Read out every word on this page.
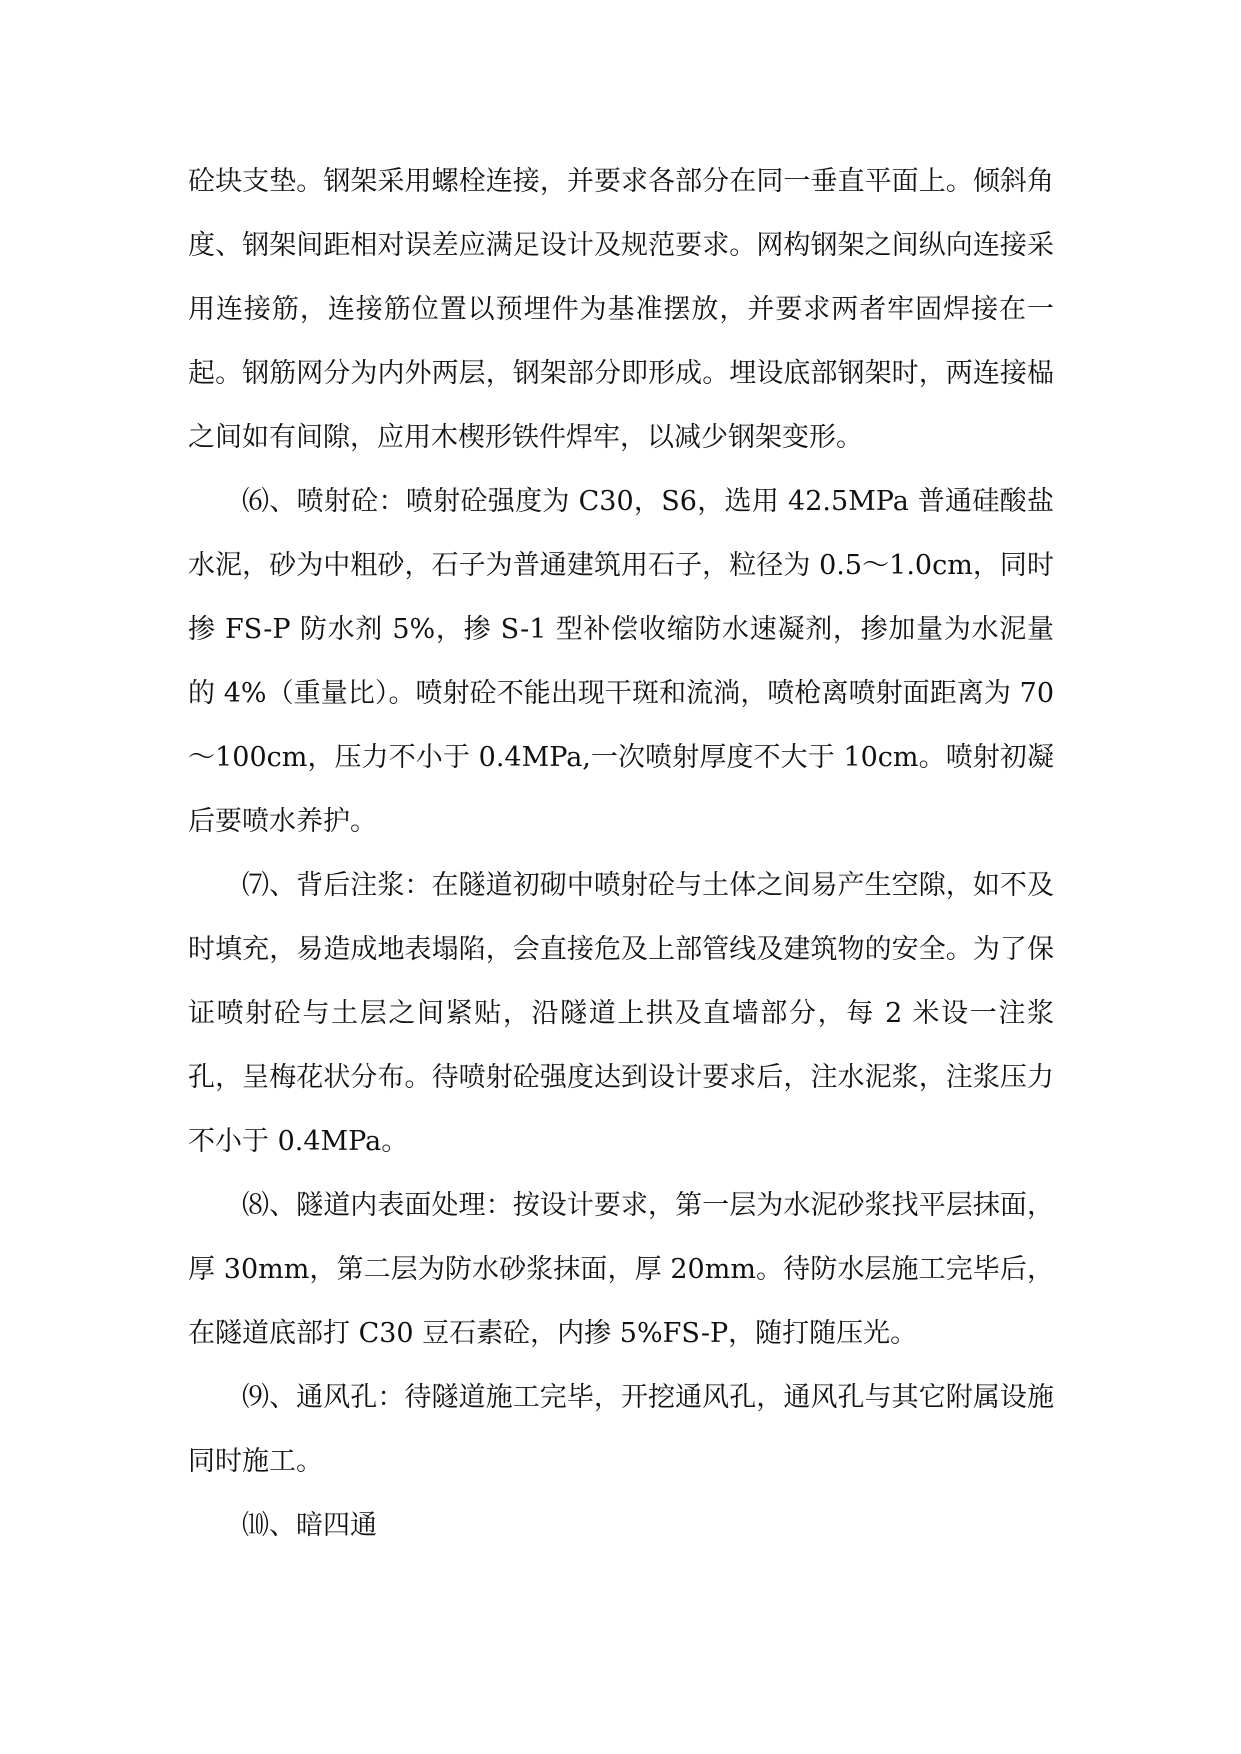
砼块支垫。钢架采用螺栓连接，并要求各部分在同一垂直平面上。倾斜角度、钢架间距相对误差应满足设计及规范要求。网构钢架之间纵向连接采用连接筋，连接筋位置以预埋件为基准摆放，并要求两者牢固焊接在一起。钢筋网分为内外两层，钢架部分即形成。埋设底部钢架时，两连接榀之间如有间隙，应用木楔形铁件焊牢，以减少钢架变形。

⑹、喷射砼：喷射砼强度为 C30，S6，选用 42.5MPa 普通硅酸盐水泥，砂为中粗砂，石子为普通建筑用石子，粒径为 0.5～1.0cm，同时掺 FS-P 防水剂 5%，掺 S-1 型补偿收缩防水速凝剂，掺加量为水泥量的 4%（重量比）。喷射砼不能出现干斑和流淌，喷枪离喷射面距离为 70～100cm，压力不小于 0.4MPa,一次喷射厚度不大于 10cm。喷射初凝后要喷水养护。

⑺、背后注浆：在隧道初砌中喷射砼与土体之间易产生空隙，如不及时填充，易造成地表塌陷，会直接危及上部管线及建筑物的安全。为了保证喷射砼与土层之间紧贴，沿隧道上拱及直墙部分，每 2 米设一注浆孔，呈梅花状分布。待喷射砼强度达到设计要求后，注水泥浆，注浆压力不小于 0.4MPa。

⑻、隧道内表面处理：按设计要求，第一层为水泥砂浆找平层抹面，厚 30mm，第二层为防水砂浆抹面，厚 20mm。待防水层施工完毕后，在隧道底部打 C30 豆石素砼，内掺 5%FS-P，随打随压光。

⑼、通风孔：待隧道施工完毕，开挖通风孔，通风孔与其它附属设施同时施工。

⑽、暗四通
